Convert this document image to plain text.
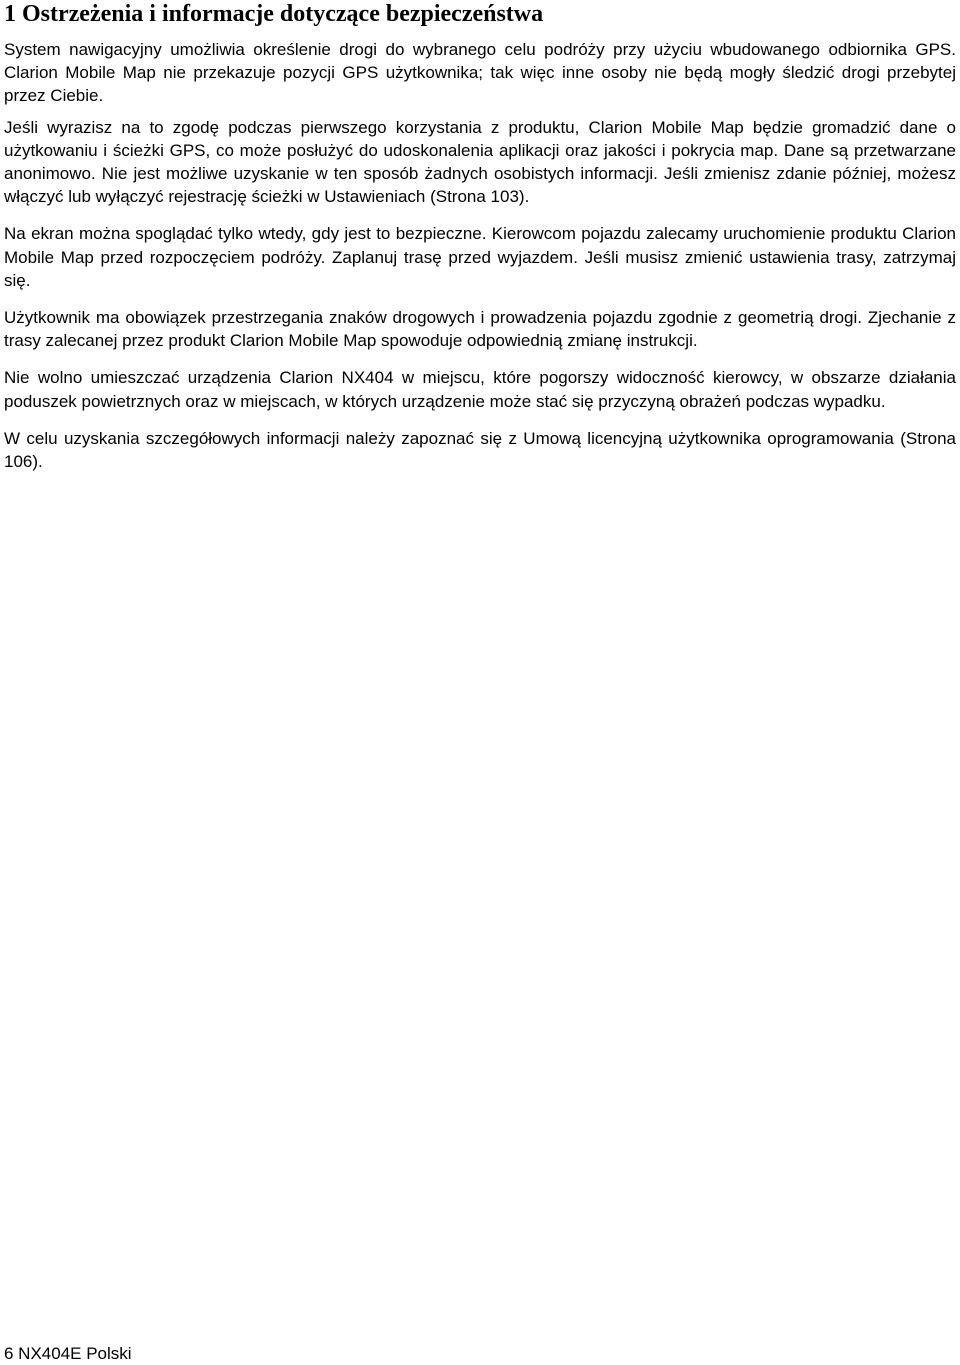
1 Ostrzeżenia i informacje dotyczące bezpieczeństwa

System nawigacyjny umożliwia określenie drogi do wybranego celu podróży przy użyciu wbudowanego odbiornika GPS. Clarion Mobile Map nie przekazuje pozycji GPS użytkownika; tak więc inne osoby nie będą mogły śledzić drogi przebytej przez Ciebie.

Jeśli wyrazisz na to zgodę podczas pierwszego korzystania z produktu, Clarion Mobile Map będzie gromadzić dane o użytkowaniu i ścieżki GPS, co może posłużyć do udoskonalenia aplikacji oraz jakości i pokrycia map. Dane są przetwarzane anonimowo. Nie jest możliwe uzyskanie w ten sposób żadnych osobistych informacji. Jeśli zmienisz zdanie później, możesz włączyć lub wyłączyć rejestrację ścieżki w Ustawieniach (Strona 103).

Na ekran można spoglądać tylko wtedy, gdy jest to bezpieczne. Kierowcom pojazdu zalecamy uruchomienie produktu Clarion Mobile Map przed rozpoczęciem podróży. Zaplanuj trasę przed wyjazdem. Jeśli musisz zmienić ustawienia trasy, zatrzymaj się.

Użytkownik ma obowiązek przestrzegania znaków drogowych i prowadzenia pojazdu zgodnie z geometrią drogi. Zjechanie z trasy zalecanej przez produkt Clarion Mobile Map spowoduje odpowiednią zmianę instrukcji.

Nie wolno umieszczać urządzenia Clarion NX404 w miejscu, które pogorszy widoczność kierowcy, w obszarze działania poduszek powietrznych oraz w miejscach, w których urządzenie może stać się przyczyną obrażeń podczas wypadku.

W celu uzyskania szczegółowych informacji należy zapoznać się z Umową licencyjną użytkownika oprogramowania (Strona 106).

6 NX404E Polski
